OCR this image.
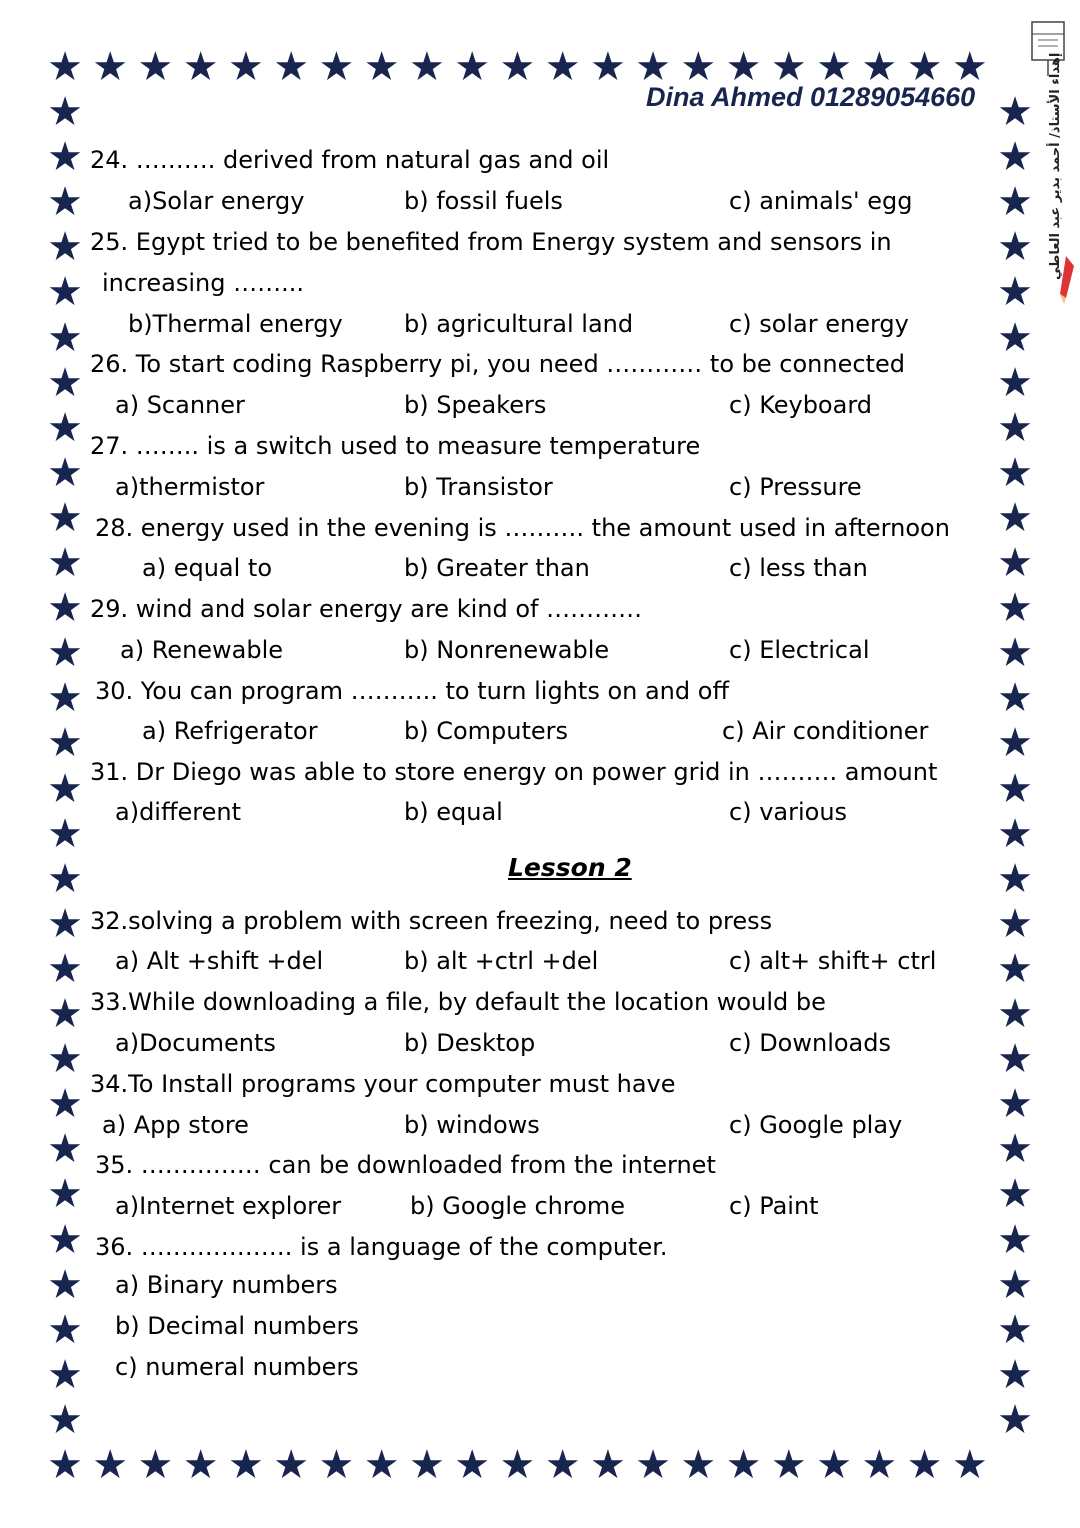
★ ★ ★ ★ ★ ★ ★ ★ ★ ★ ★ ★ ★ ★ ★ ★ ★ ★ ★ ★ ★
★ ★ ★ ★ ★ ★ ★ ★ ★ ★ ★ ★ ★ ★ ★ ★ ★ ★ ★ ★ ★
★	★
★	★
★	★
★	★
★	★
★	★
★	★
★	★
★	★
★	★
★	★
★	★
★	★
★	★
★	★
★	★
★	★
★	★
★	★
★	★
★	★
★	★
★	★
★	★
★	★
★	★
★	★
★	★
★	★
★	★
Dina Ahmed 01289054660	إهداء الأستاذ/ أحمد بدير عبد العاطي
24. ………. derived from natural gas and oil
a)Solar energy	b) fossil fuels	c) animals' egg
25. Egypt tried to be benefited from Energy system and sensors in
increasing ……...
b)Thermal energy	b) agricultural land	c) solar energy
26. To start coding Raspberry pi, you need ………… to be connected
a) Scanner	b) Speakers	c) Keyboard
27. …….. is a switch used to measure temperature
a)thermistor	b) Transistor	c) Pressure
28. energy used in the evening is ………. the amount used in afternoon
a) equal to	b) Greater than	c) less than
29. wind and solar energy are kind of …………
a) Renewable	b) Nonrenewable	c) Electrical
30. You can program ……….. to turn lights on and off
a) Refrigerator	b) Computers	c) Air conditioner
31. Dr Diego was able to store energy on power grid in ………. amount
a)different	b) equal	c) various
Lesson 2
32.solving a problem with screen freezing, need to press
a) Alt +shift +del	b) alt +ctrl +del	c) alt+ shift+ ctrl
33.While downloading a file, by default the location would be
a)Documents	b) Desktop	c) Downloads
34.To Install programs your computer must have
a) App store	b) windows	c) Google play
35. …………… can be downloaded from the internet
a)Internet explorer	b) Google chrome	c) Paint
36. ………………. is a language of the computer.
a) Binary numbers
b) Decimal numbers
c) numeral numbers
